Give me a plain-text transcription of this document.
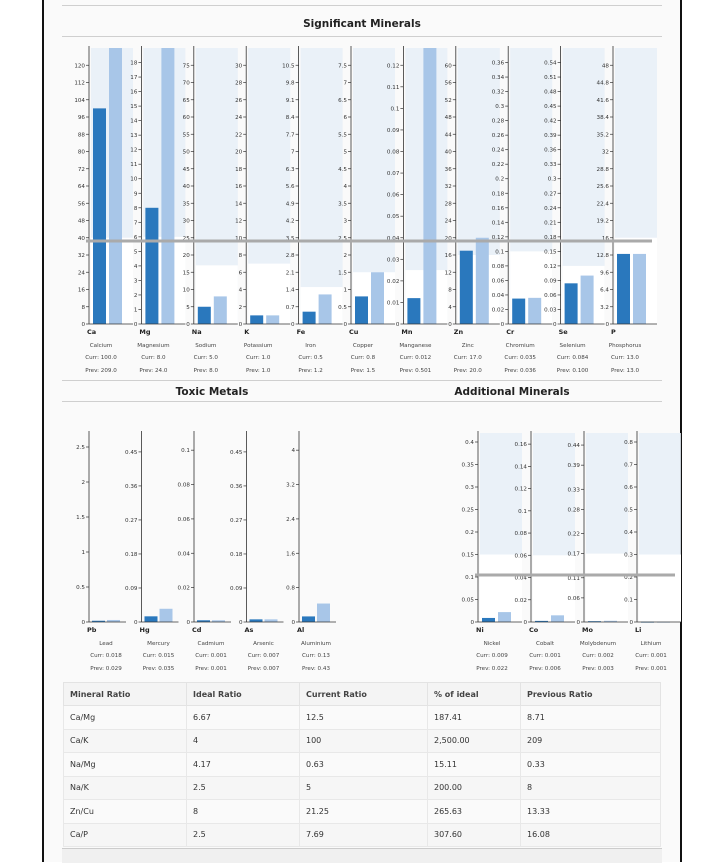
Significant Minerals
0
8
16
24
32
40
48
56
64
72
80
88
96
104
112
120
Ca
Calcium
Curr: 100.0
Prev: 209.0
0
1
2
3
4
5
6
7
8
9
10
11
12
13
14
15
16
17
18
Mg
Magnesium
Curr: 8.0
Prev: 24.0
0
5
10
15
20
25
30
35
40
45
50
55
60
65
70
75
Na
Sodium
Curr: 5.0
Prev: 8.0
0
2
4
6
8
10
12
14
16
18
20
22
24
26
28
30
K
Potassium
Curr: 1.0
Prev: 1.0
0
0.7
1.4
2.1
2.8
3.5
4.2
4.9
5.6
6.3
7
7.7
8.4
9.1
9.8
10.5
Fe
Iron
Curr: 0.5
Prev: 1.2
0
0.5
1
1.5
2
2.5
3
3.5
4
4.5
5
5.5
6
6.5
7
7.5
Cu
Copper
Curr: 0.8
Prev: 1.5
0
0.01
0.02
0.03
0.04
0.05
0.06
0.07
0.08
0.09
0.1
0.11
0.12
Mn
Manganese
Curr: 0.012
Prev: 0.501
0
4
8
12
16
20
24
28
32
36
40
44
48
52
56
60
Zn
Zinc
Curr: 17.0
Prev: 20.0
0
0.02
0.04
0.06
0.08
0.1
0.12
0.14
0.16
0.18
0.2
0.22
0.24
0.26
0.28
0.3
0.32
0.34
0.36
Cr
Chromium
Curr: 0.035
Prev: 0.036
0
0.03
0.06
0.09
0.12
0.15
0.18
0.21
0.24
0.27
0.3
0.33
0.36
0.39
0.42
0.45
0.48
0.51
0.54
Se
Selenium
Curr: 0.084
Prev: 0.100
0
3.2
6.4
9.6
12.8
16
19.2
22.4
25.6
28.8
32
35.2
38.4
41.6
44.8
48
P
Phosphorus
Curr: 13.0
Prev: 13.0
Toxic Metals	Additional Minerals
0
0.5
1
1.5
2
2.5
Pb
Lead
Curr: 0.018
Prev: 0.029
0
0.09
0.18
0.27
0.36
0.45
Hg
Mercury
Curr: 0.015
Prev: 0.035
0
0.02
0.04
0.06
0.08
0.1
Cd
Cadmium
Curr: 0.001
Prev: 0.001
0
0.09
0.18
0.27
0.36
0.45
As
Arsenic
Curr: 0.007
Prev: 0.007
0
0.8
1.6
2.4
3.2
4
Al
Aluminium
Curr: 0.13
Prev: 0.43
0
0.05
0.1
0.15
0.2
0.25
0.3
0.35
0.4
Ni
Nickel
Curr: 0.009
Prev: 0.022
0
0.02
0.04
0.06
0.08
0.1
0.12
0.14
0.16
Co
Cobalt
Curr: 0.001
Prev: 0.006
0
0.06
0.11
0.17
0.22
0.28
0.33
0.39
0.44
Mo
Molybdenum
Curr: 0.002
Prev: 0.003
0
0.1
0.2
0.3
0.4
0.5
0.6
0.7
0.8
Li
Lithium
Curr: 0.001
Prev: 0.001
Mineral Ratio	Ideal Ratio	Current Ratio	% of ideal	Previous Ratio
Ca/Mg	6.67	12.5	187.41	8.71
Ca/K	4	100	2,500.00	209
Na/Mg	4.17	0.63	15.11	0.33
Na/K	2.5	5	200.00	8
Zn/Cu	8	21.25	265.63	13.33
Ca/P	2.5	7.69	307.60	16.08
